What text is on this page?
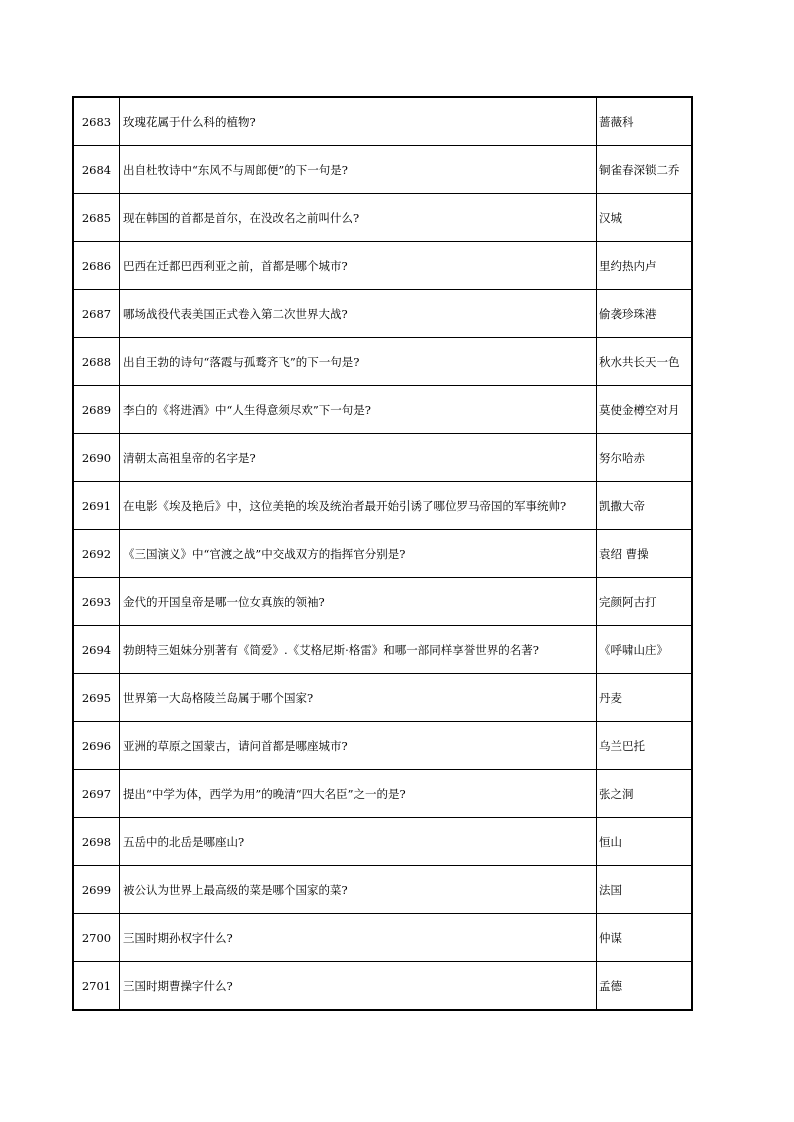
2683	玫瑰花属于什么科的植物?	蔷薇科
2684	出自杜牧诗中“东风不与周郎便”的下一句是?	铜雀春深锁二乔
2685	现在韩国的首都是首尔，在没改名之前叫什么?	汉城
2686	巴西在迁都巴西利亚之前，首都是哪个城市?	里约热内卢
2687	哪场战役代表美国正式卷入第二次世界大战?	偷袭珍珠港
2688	出自王勃的诗句“落霞与孤鹜齐飞”的下一句是?	秋水共长天一色
2689	李白的《将进酒》中“人生得意须尽欢”下一句是?	莫使金樽空对月
2690	清朝太高祖皇帝的名字是?	努尔哈赤
2691	在电影《埃及艳后》中，这位美艳的埃及统治者最开始引诱了哪位罗马帝国的军事统帅?	凯撒大帝
2692	《三国演义》中“官渡之战”中交战双方的指挥官分别是?	袁绍 曹操
2693	金代的开国皇帝是哪一位女真族的领袖?	完颜阿古打
2694	勃朗特三姐妹分别著有《简爱》.《艾格尼斯·格雷》和哪一部同样享誉世界的名著?	《呼啸山庄》
2695	世界第一大岛格陵兰岛属于哪个国家?	丹麦
2696	亚洲的草原之国蒙古，请问首都是哪座城市?	乌兰巴托
2697	提出“中学为体，西学为用”的晚清“四大名臣”之一的是?	张之洞
2698	五岳中的北岳是哪座山?	恒山
2699	被公认为世界上最高级的菜是哪个国家的菜?	法国
2700	三国时期孙权字什么?	仲谋
2701	三国时期曹操字什么?	孟德
